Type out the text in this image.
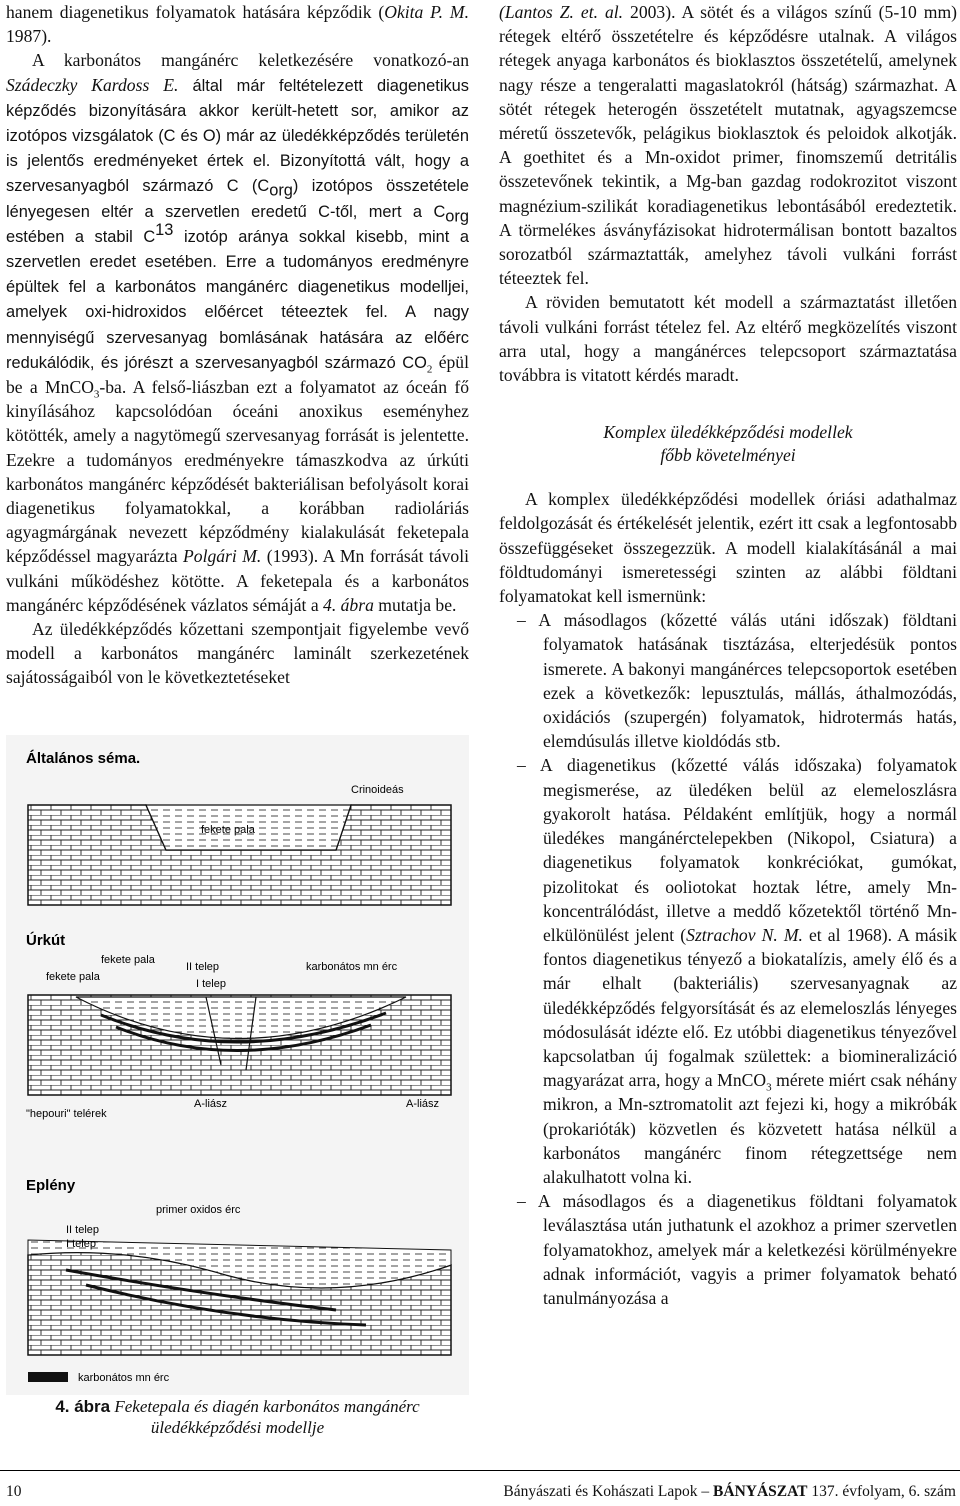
hanem diagenetikus folyamatok hatására képződik (Okita P. M. 1987).

A karbonátos mangánérc keletkezésére vonatkozó-an Szádeczky Kardoss E. által már feltételezett diagenetikus képződés bizonyítására akkor került-hetett sor, amikor az izotópos vizsgálatok (C és O) már az üledékképződés területén is jelentős eredményeket értek el. Bizonyítottá vált, hogy a szervesanyagból származó C $(C_{org})$ izotópos összetétele lényegesen eltér a szervetlen eredetű C-től, mert a $C_{org}$ estében a stabil $C^{13}$ izotóp aránya sokkal kisebb, mint a szervetlen eredet esetében. Erre a tudományos eredményre épültek fel a karbonátos mangánérc diagenetikus modelljei, amelyek oxi-hidroxidos előércet téteeztek fel. A nagy mennyiségű szervesanyag bomlásának hatására az előérc redukálódik, és jórészt a szervesanyagból származó $CO_2$ épül be a MnCO$_3$-ba. A felső-liászban ezt a folyamatot az óceán fő kinyílásához kapcsolódóan óceáni anoxikus eseményhez kötötték, amely a nagytömegű szervesanyag forrását is jelentette. Ezekre a tudományos eredményekre támaszkodva az úrkúti karbonátos mangánérc képződését bakteriálisan befolyásolt korai diagenetikus folyamatokkal, a korábban radioláriás agyagmárgának nevezett képződmény kialakulását feketepala képződéssel magyarázta Polgári M. (1993). A Mn forrását távoli vulkáni működéshez kötötte. A feketepala és a karbonátos mangánérc képződésének vázlatos sémáját a 4. ábra mutatja be.

Az üledékképződés kőzettani szempontjait figyelembe vevő modell a karbonátos mangánérc laminált szerkezetének sajátosságaiból von le következtetéseket

Általános séma.
fekete pala
Crinoideás
Úrkút
fekete pala
fekete pala
II telep
I telep
karbonátos mn érc
"hepouri" telérek
A-liász	A-liász
Eplény
primer oxidos érc
II telep
I telep
karbonátos mn érc
4. ábra Feketepala és diagén karbonátos mangánérc
üledékképződési modellje

(Lantos Z. et. al. 2003). A sötét és a világos színű (5-10 mm) rétegek eltérő összetételre és képződésre utalnak. A világos rétegek anyaga karbonátos és bioklasztos összetételű, amelynek nagy része a tengeralatti magaslatokról (hátság) származhat. A sötét rétegek heterogén összetételt mutatnak, agyagszemcse méretű összetevők, pelágikus bioklasztok és peloidok alkotják. A goethitet és a Mn-oxidot primer, finomszemű detritális összetevőnek tekintik, a Mg-ban gazdag rodokrozitot viszont magnézium-szilikát koradiagenetikus lebontásából eredeztetik. A törmelékes ásványfázisokat hidrotermálisan bontott bazaltos sorozatból származtatták, amelyhez távoli vulkáni forrást téteeztek fel.

A röviden bemutatott két modell a származtatást illetően távoli vulkáni forrást tételez fel. Az eltérő megközelítés viszont arra utal, hogy a mangánérces telepcsoport származtatása továbbra is vitatott kérdés maradt.

Komplex üledékképződési modellek
főbb követelményei

A komplex üledékképződési modellek óriási adathalmaz feldolgozását és értékelését jelentik, ezért itt csak a legfontosabb összefüggéseket összegezzük. A modell kialakításánál a mai földtudományi ismeretességi szinten az alábbi földtani folyamatokat kell ismernünk:

– A másodlagos (kőzetté válás utáni időszak) földtani folyamatok hatásának tisztázása, elterjedésük pontos ismerete. A bakonyi mangánérces telepcsoportok esetében ezek a következők: lepusztulás, mállás, áthalmozódás, oxidációs (szupergén) folyamatok, hidrotermás hatás, elemdúsulás illetve kioldódás stb.

– A diagenetikus (kőzetté válás időszaka) folyamatok megismerése, az üledéken belül az elemeloszlásra gyakorolt hatása. Példaként említjük, hogy a normál üledékes mangánérctelepekben (Nikopol, Csiatura) a diagenetikus folyamatok konkréciókat, gumókat, pizolitokat és ooliotokat hoztak létre, amely Mn-koncentrálódást, illetve a meddő kőzetektől történő Mn-elkülönülést jelent (Sztrachov N. M. et al 1968). A másik fontos diagenetikus tényező a biokatalízis, amely élő és a már elhalt (bakteriális) szervesanyagnak az üledékképződés felgyorsítását és az elemeloszlás lényeges módosulását idézte elő. Ez utóbbi diagenetikus tényezővel kapcsolatban új fogalmak születtek: a biomineralizáció magyarázat arra, hogy a MnCO$_3$ mérete miért csak néhány mikron, a Mn-sztromatolit azt fejezi ki, hogy a mikróbák (prokarióták) közvetlen és közvetett hatása nélkül a karbonátos mangánérc finom rétegzettsége nem alakulhatott volna ki.

– A másodlagos és a diagenetikus földtani folyamatok leválasztása után juthatunk el azokhoz a primer szervetlen folyamatokhoz, amelyek már a keletkezési körülményekre adnak információt, vagyis a primer folyamatok beható tanulmányozása a

10	Bányászati és Kohászati Lapok – BÁNYÁSZAT 137. évfolyam, 6. szám
